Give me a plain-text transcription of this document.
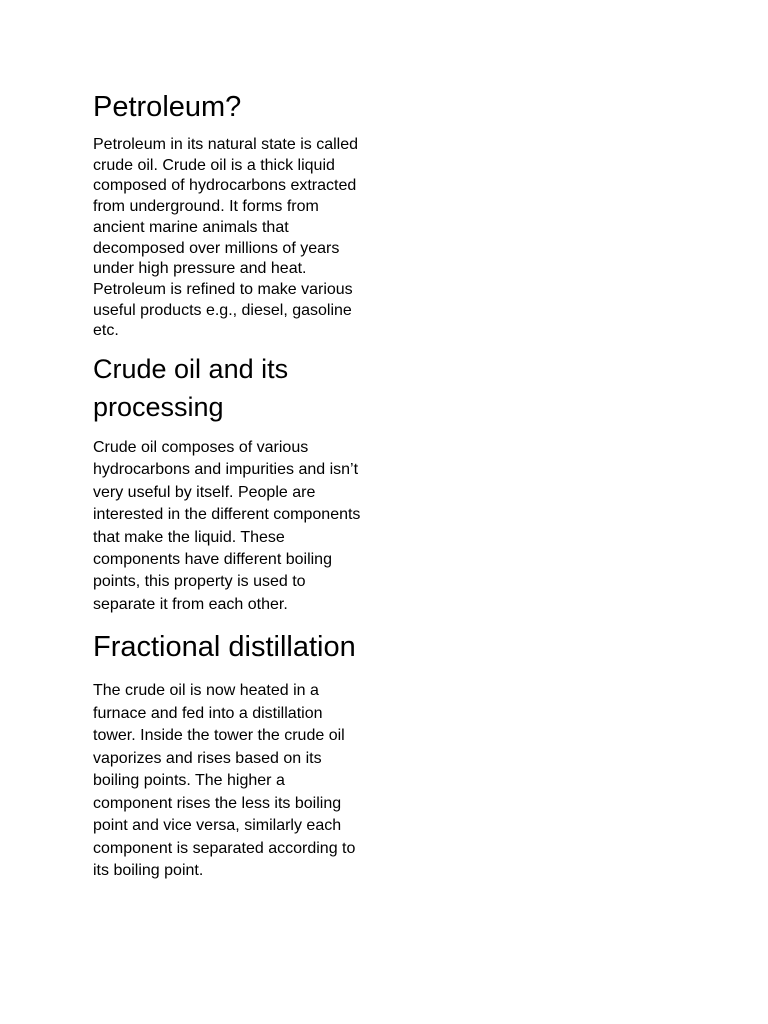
Petroleum?

Petroleum in its natural state is called crude oil. Crude oil is a thick liquid composed of hydrocarbons extracted from underground. It forms from ancient marine animals that decomposed over millions of years under high pressure and heat. Petroleum is refined to make various useful products e.g., diesel, gasoline etc.

Crude oil and its processing

Crude oil composes of various hydrocarbons and impurities and isn’t very useful by itself. People are interested in the different components that make the liquid. These components have different boiling points, this property is used to separate it from each other.

Fractional distillation

The crude oil is now heated in a furnace and fed into a distillation tower. Inside the tower the crude oil vaporizes and rises based on its boiling points. The higher a component rises the less its boiling point and vice versa, similarly each component is separated according to its boiling point.
